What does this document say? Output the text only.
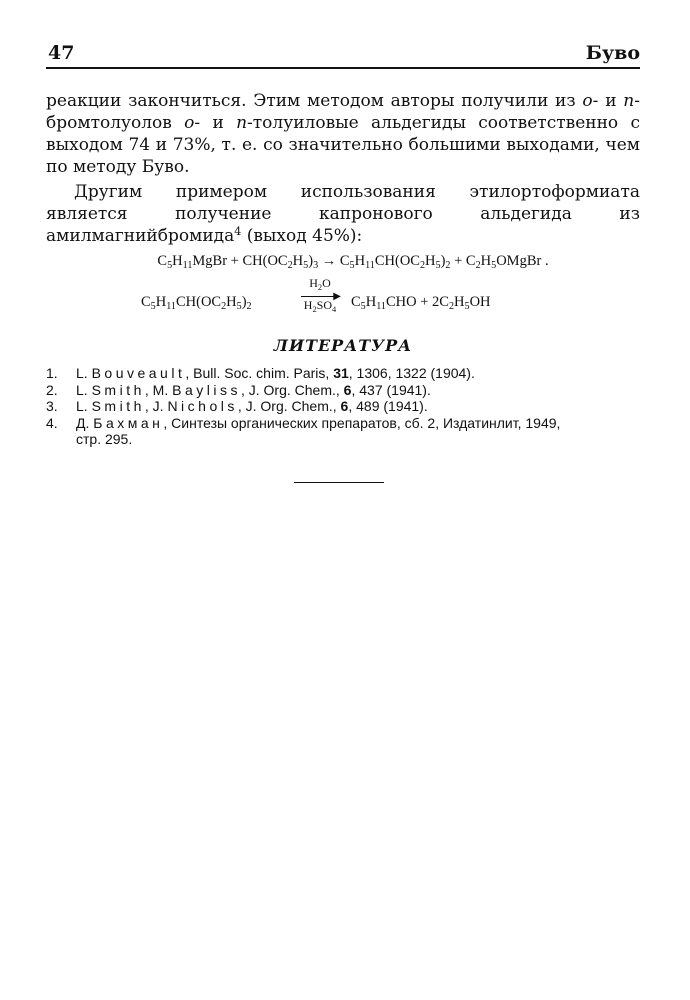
47	Буво

реакции закончиться. Этим методом авторы получили из о- и п-бромтолуолов о- и п-толуиловые альдегиды соответственно с выходом 74 и 73%, т. е. со значительно большими выходами, чем по методу Буво.

Другим примером использования этилортоформиата является получение капронового альдегида из амилмагнийбромида$^4$ (выход 45%):

$C_5H_{11}MgBr + CH(OC_2H_5)_3 \to C_5H_{11}CH(OC_2H_5)_2$ + $C_2H_5OMgBr$ .
$C_5H_{11}CH(OC_2H_5)_2$
$H_2O$
▶
$H_2SO_4$	$C_5H_{11}CHO + 2C_2H_5OH$
ЛИТЕРАТУРА
1.	L. Bouveault, Bull. Soc. chim. Paris, 31, 1306, 1322 (1904).
2.	L. Smith, M. Bayliss, J. Org. Chem., 6, 437 (1941).
3.	L. Smith, J. Nichols, J. Org. Chem., 6, 489 (1941).
4.	Д. Бахман, Синтезы органических препаратов, сб. 2, Издатинлит, 1949,
стр. 295.
